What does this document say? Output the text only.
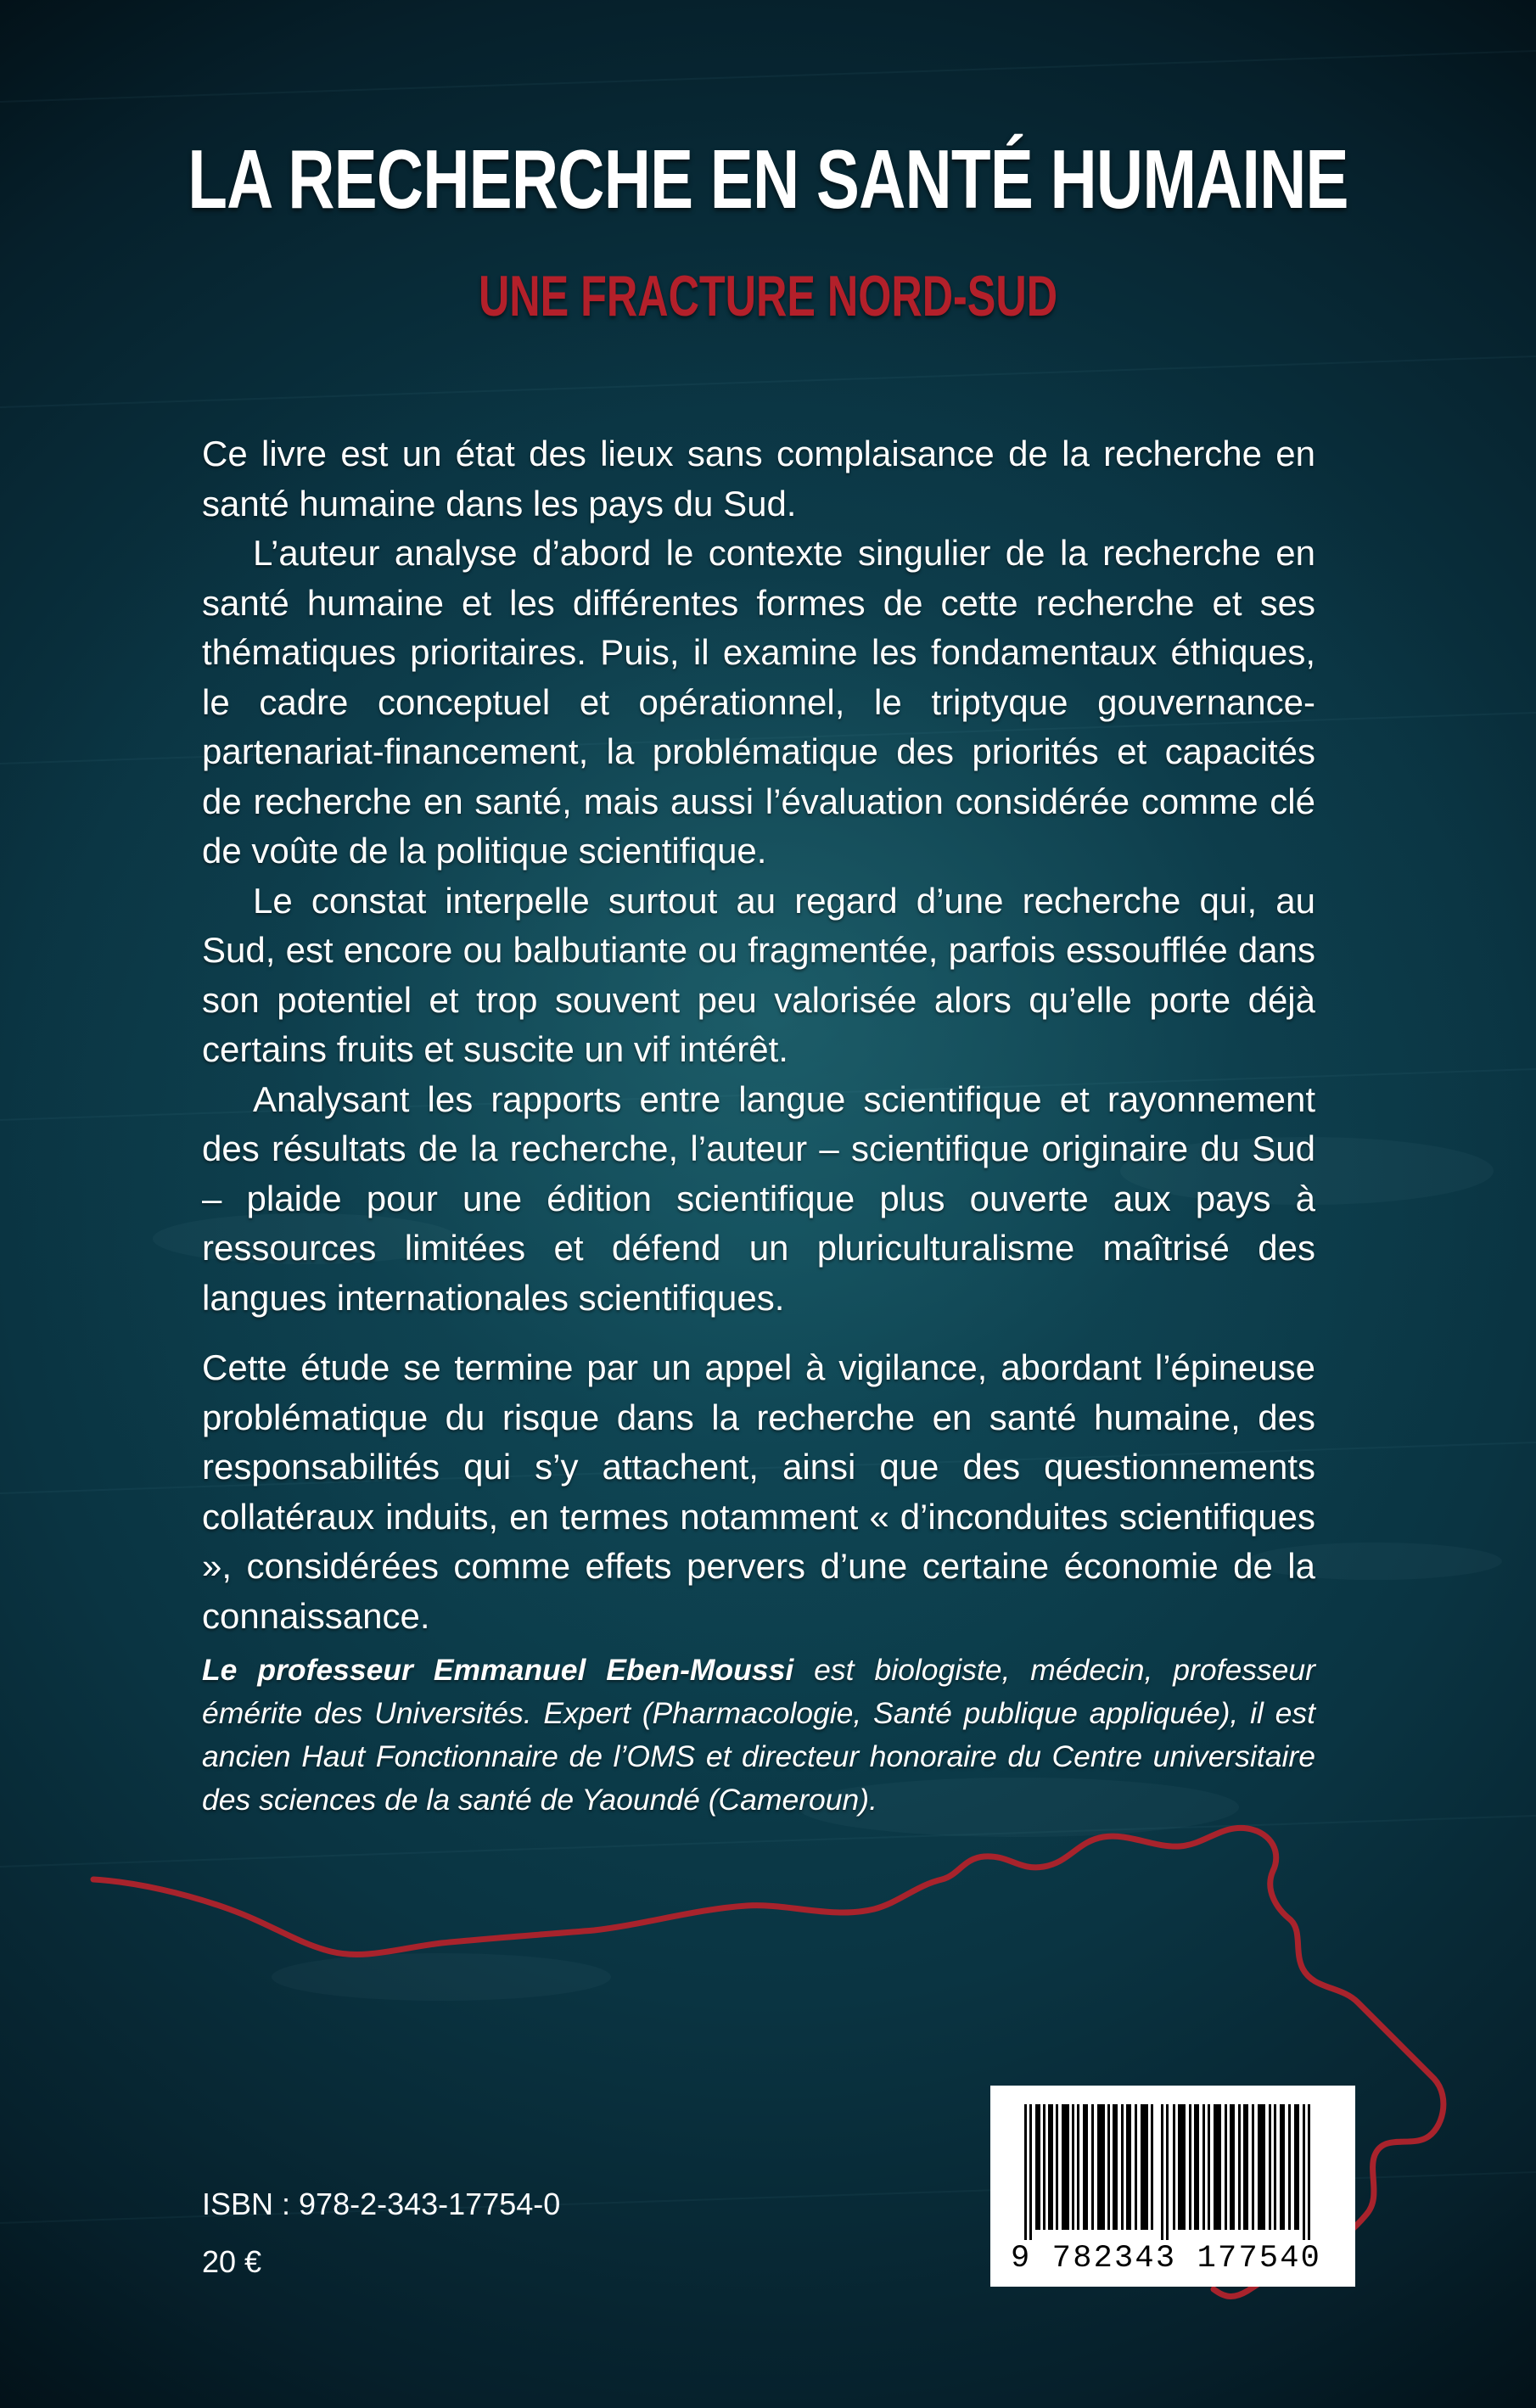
LA RECHERCHE EN SANTÉ HUMAINE
UNE FRACTURE NORD-SUD

Ce livre est un état des lieux sans complaisance de la recherche en santé humaine dans les pays du Sud.

L’auteur analyse d’abord le contexte singulier de la recherche en santé humaine et les différentes formes de cette recherche et ses thématiques prioritaires. Puis, il examine les fondamentaux éthiques, le cadre conceptuel et opérationnel, le triptyque gouvernance-partenariat-financement, la problématique des priorités et capacités de recherche en santé, mais aussi l’évaluation considérée comme clé de voûte de la politique scientifique.

Le constat interpelle surtout au regard d’une recherche qui, au Sud, est encore ou balbutiante ou fragmentée, parfois essoufflée dans son potentiel et trop souvent peu valorisée alors qu’elle porte déjà certains fruits et suscite un vif intérêt.

Analysant les rapports entre langue scientifique et rayonnement des résultats de la recherche, l’auteur – scientifique originaire du Sud – plaide pour une édition scientifique plus ouverte aux pays à ressources limitées et défend un pluriculturalisme maîtrisé des langues internationales scientifiques.

Cette étude se termine par un appel à vigilance, abordant l’épineuse problématique du risque dans la recherche en santé humaine, des responsabilités qui s’y attachent, ainsi que des questionnements collatéraux induits, en termes notamment « d’inconduites scientifiques », considérées comme effets pervers d’une certaine économie de la connaissance.

Le professeur Emmanuel Eben-Moussi est biologiste, médecin, professeur émérite des Universités. Expert (Pharmacologie, Santé publique appliquée), il est ancien Haut Fonctionnaire de l’OMS et directeur honoraire du Centre universitaire des sciences de la santé de Yaoundé (Cameroun).
ISBN : 978-2-343-17754-0
20 €	9 782343 177540
